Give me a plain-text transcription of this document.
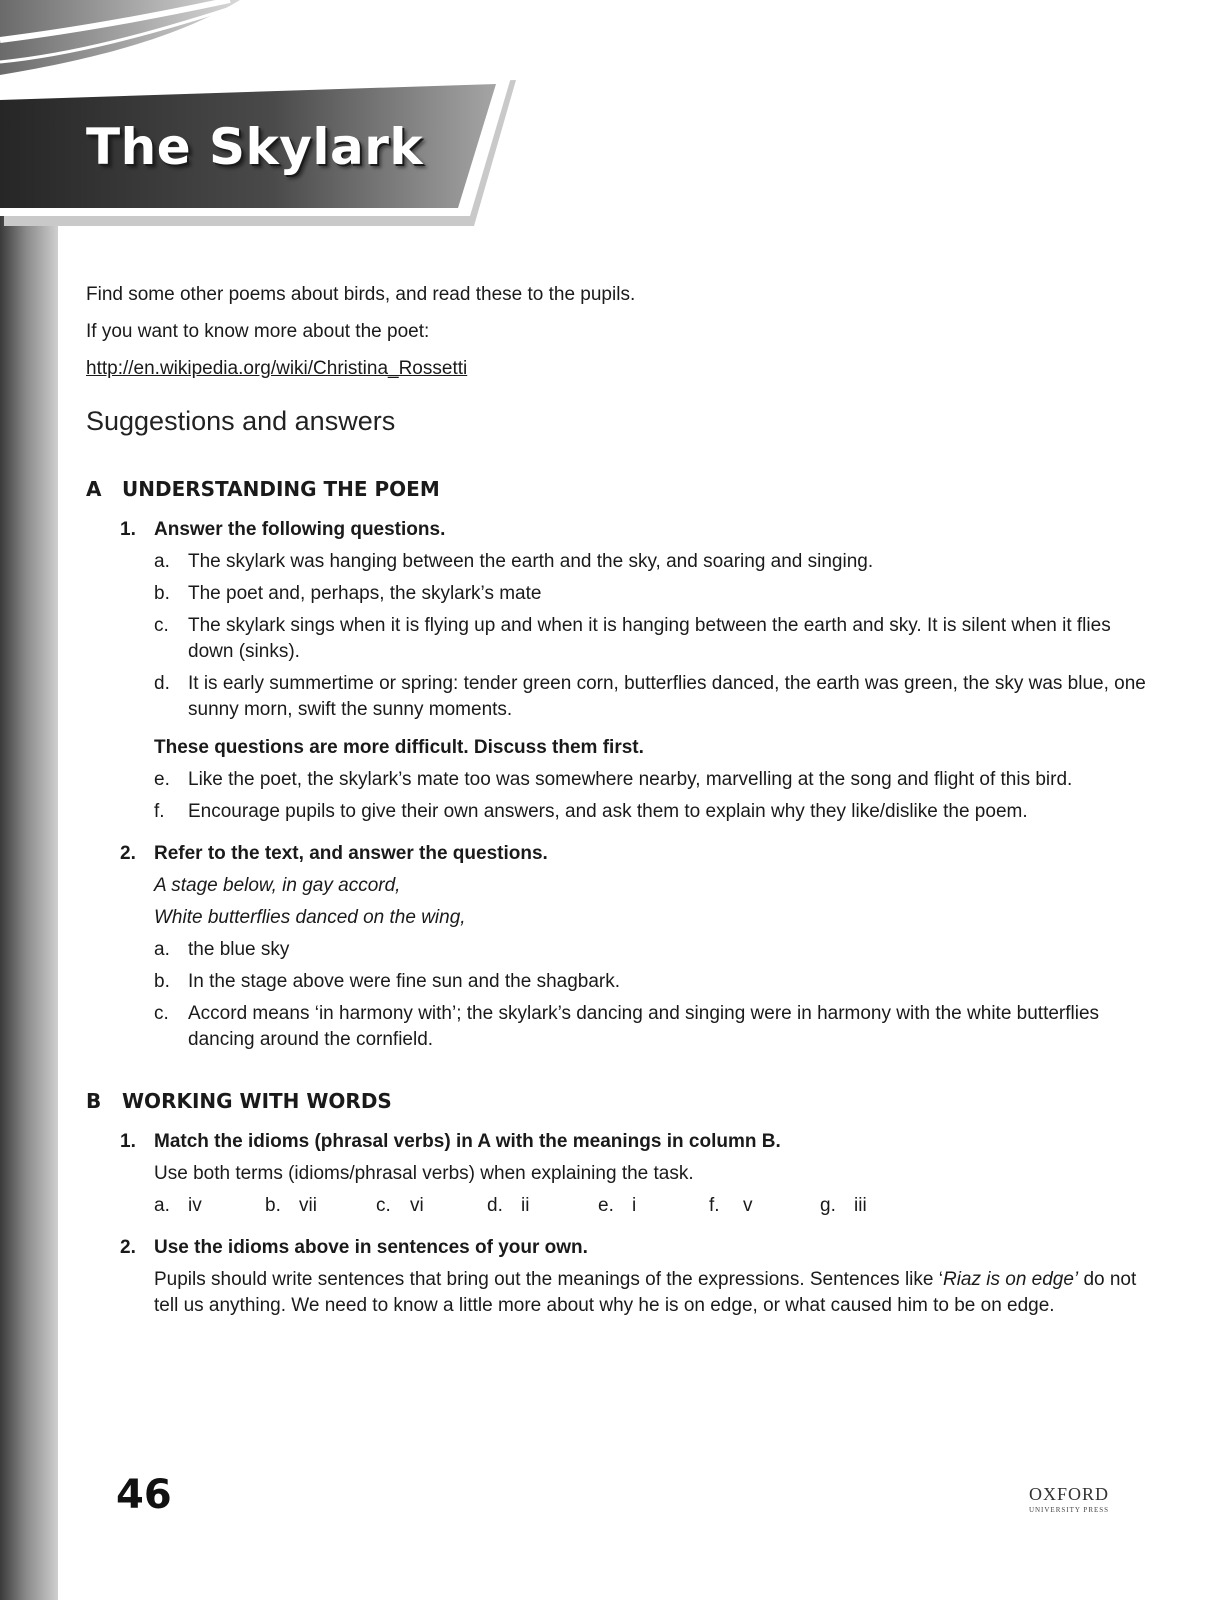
The Skylark

Find some other poems about birds, and read these to the pupils.

If you want to know more about the poet:

http://en.wikipedia.org/wiki/Christina_Rossetti

Suggestions and answers
A	UNDERSTANDING THE POEM
1. Answer the following questions.
a. The skylark was hanging between the earth and the sky, and soaring and singing.
b. The poet and, perhaps, the skylark’s mate
c.	The skylark sings when it is flying up and when it is hanging between the earth and sky. It is silent when it flies down (sinks).
d. It is early summertime or spring: tender green corn, butterflies danced, the earth was green, the sky was blue, one sunny morn, swift the sunny moments.
These questions are more difficult. Discuss them first.
e. Like the poet, the skylark’s mate too was somewhere nearby, marvelling at the song and flight of this bird.
f.	Encourage pupils to give their own answers, and ask them to explain why they like/dislike the poem.
2. Refer to the text, and answer the questions.
A stage below, in gay accord,
White butterflies danced on the wing,
a. the blue sky
b. In the stage above were fine sun and the shagbark.
c.	Accord means ‘in harmony with’; the skylark’s dancing and singing were in harmony with the white butterflies dancing around the cornfield.
B	WORKING WITH WORDS
1. Match the idioms (phrasal verbs) in A with the meanings in column B.
Use both terms (idioms/phrasal verbs) when explaining the task.
a. iv	b. vii	c.	vi	d. ii	e. i	f.	v	g. iii
2. Use the idioms above in sentences of your own.
Pupils should write sentences that bring out the meanings of the expressions. Sentences like ‘Riaz is on edge’ do not tell us anything. We need to know a little more about why he is on edge, or what caused him to be on edge.
46	OXFORD
UNIVERSITY PRESS
